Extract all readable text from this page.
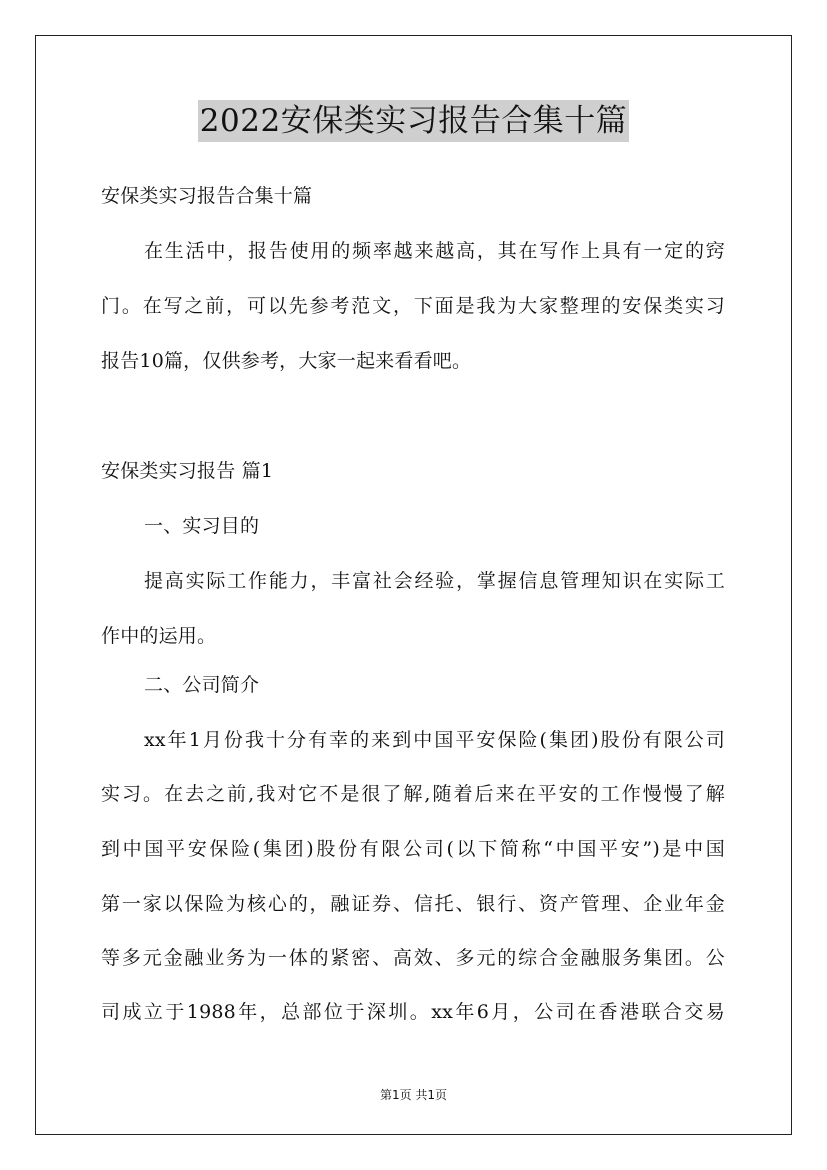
2022安保类实习报告合集十篇
安保类实习报告合集十篇
在生活中，报告使用的频率越来越高，其在写作上具有一定的窍
门。在写之前，可以先参考范文，下面是我为大家整理的安保类实习
报告10篇，仅供参考，大家一起来看看吧。
安保类实习报告 篇1
一、实习目的
提高实际工作能力，丰富社会经验，掌握信息管理知识在实际工
作中的运用。
二、公司简介
xx年1月份我十分有幸的来到中国平安保险(集团)股份有限公司
实习。在去之前,我对它不是很了解,随着后来在平安的工作慢慢了解
到中国平安保险(集团)股份有限公司(以下简称“中国平安”)是中国
第一家以保险为核心的，融证券、信托、银行、资产管理、企业年金
等多元金融业务为一体的紧密、高效、多元的综合金融服务集团。公
司成立于1988年，总部位于深圳。xx年6月，公司在香港联合交易
第1页 共1页
